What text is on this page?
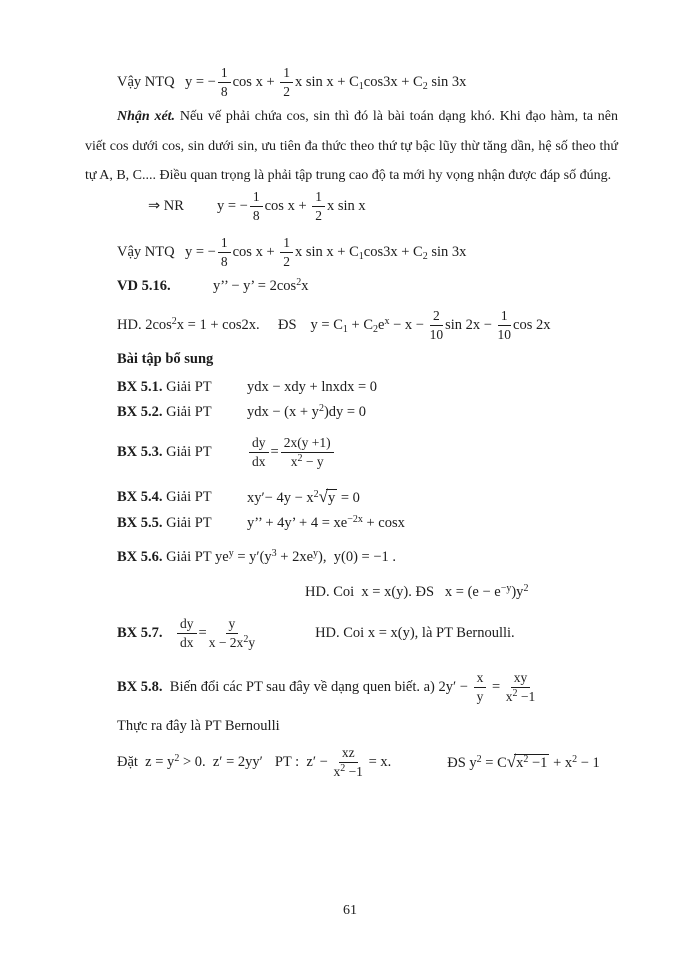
Vậy NTQ y = − $\frac{1}{8}$ $\cos x + \frac{1}{2}$ x $\sin x + C_1\cos 3x + C_2$ sin 3x
Nhận xét. Nếu vế phải chứa cos, sin thì đó là bài toán dạng khó. Khi đạo hàm, ta nên viết cos dưới cos, sin dưới sin, ưu tiên đa thức theo thứ tự bậc lũy thừ tăng dần, hệ số theo thứ tự A, B, C.... Điều quan trọng là phải tập trung cao độ ta mới hy vọng nhận được đáp số đúng.
⇒ NR	y = − $\frac{1}{8}$ $\cos x + \frac{1}{2}$ x sin x
Vậy NTQ y = − $\frac{1}{8}$ $\cos x + \frac{1}{2}$ x $\sin x + C_1\cos 3x + C_2$ sin 3x
VD 5.16.	y’’ − y’ = $2\cos^2x$
HD. $2\cos^2x = 1 + \cos 2x$.	ĐS $y = C_1 + C_2e^x - x - \frac{2}{10}$ $\sin 2x - \frac{1}{10}$ cos 2x
Bài tập bổ sung
BX 5.1. Giải PT	ydx − xdy + lnxdx = 0
BX 5.2. Giải PT	ydx − $(x + y^2)dy = 0$
BX 5.3. Giải PT	$\frac{dy}{dx} = \frac{2x(y +1)}{x^2 - y}$
BX 5.4. Giải PT	$xy'- 4y - x^2√y = 0$
BX 5.5. Giải PT	y’’ + 4y’ + $4 = xe^{-2x} + \cos x$
BX 5.6. Giải PT $ye^y = y'(y^3 + 2xe^y)$,  y(0) = −1 .
HD. Coi  x = x(y). ĐS   $x = (e - e^{-y})y^2$
BX 5.7.	$\frac{dy}{dx} = \frac{y}{x - 2x^2y}$	HD. Coi x = x(y), là PT Bernoulli.
BX 5.8.  Biến đổi các PT sau đây về dạng quen biết. a) $2y' - \frac{x}{y} = \frac{xy}{x^2 -1}$
Thực ra đây là PT Bernoulli
Đặt  $z = y^2 > 0$.  z′ = 2yy′ PT :  $z' - \frac{xz}{x^2 -1} = x$.	ĐS $y^2 = C√x^2 -1 + x^2 - 1$
61
